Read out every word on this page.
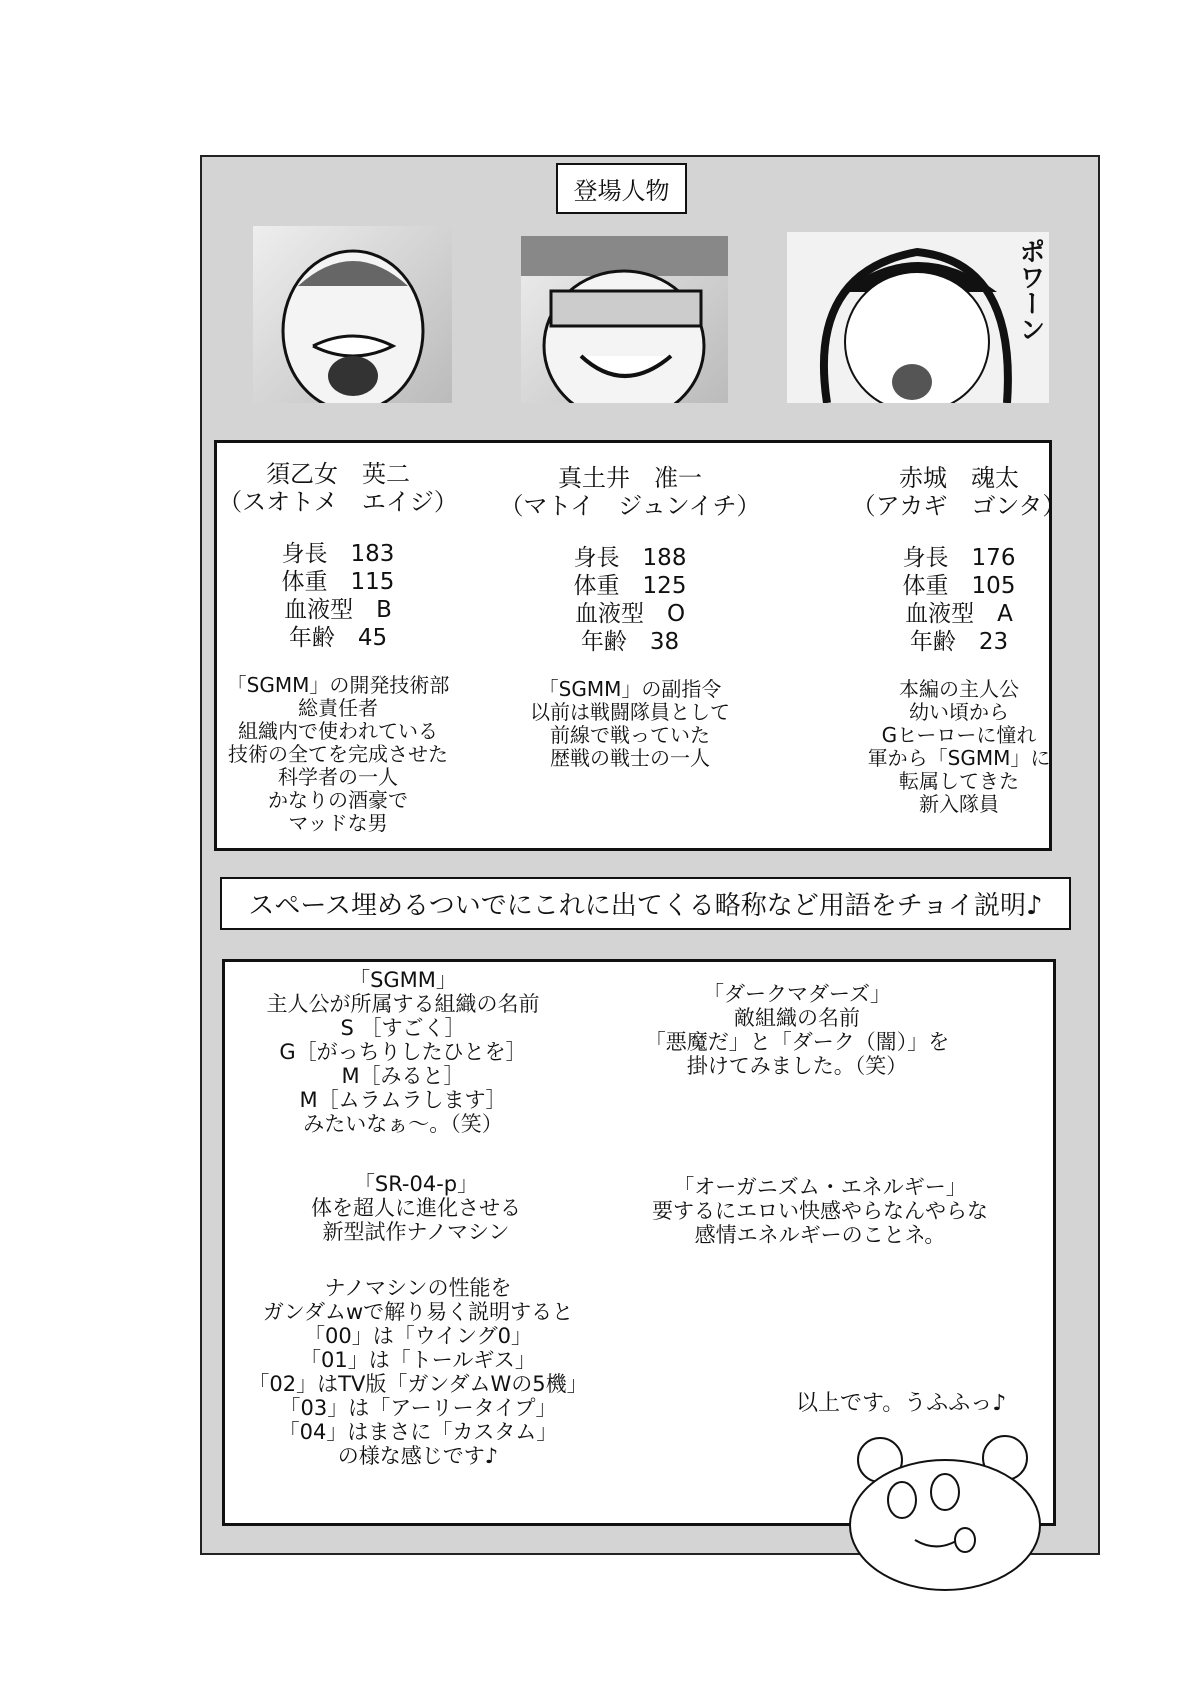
登場人物
ポワーン
須乙女　英二
（スオトメ　エイジ）
身長　183
体重　115
血液型　B
年齢　45
「SGMM」の開発技術部
総責任者
組織内で使われている
技術の全てを完成させた
科学者の一人
かなりの酒豪で
マッドな男
真土井　准一
（マトイ　ジュンイチ）
身長　188
体重　125
血液型　O
年齢　38
「SGMM」の副指令
以前は戦闘隊員として
前線で戦っていた
歴戦の戦士の一人
赤城　魂太
（アカギ　ゴンタ）
身長　176
体重　105
血液型　A
年齢　23
本編の主人公
幼い頃から
Gヒーローに憧れ
軍から「SGMM」に
転属してきた
新入隊員
スペース埋めるついでにこれに出てくる略称など用語をチョイ説明♪
「SGMM」
主人公が所属する組織の名前
S ［すごく］
G［がっちりしたひとを］
M［みると］
M［ムラムラします］
みたいなぁ～。（笑）
「SR-04-p」
体を超人に進化させる
新型試作ナノマシン
ナノマシンの性能を
ガンダムwで解り易く説明すると
「00」は「ウイング0」
「01」は「トールギス」
「02」はTV版「ガンダムWの5機」
「03」は「アーリータイプ」
「04」はまさに「カスタム」
の様な感じです♪
「ダークマダーズ」
敵組織の名前
「悪魔だ」と「ダーク（闇）」を
掛けてみました。（笑）
「オーガニズム・エネルギー」
要するにエロい快感やらなんやらな
感情エネルギーのことネ。
以上です。うふふっ♪
